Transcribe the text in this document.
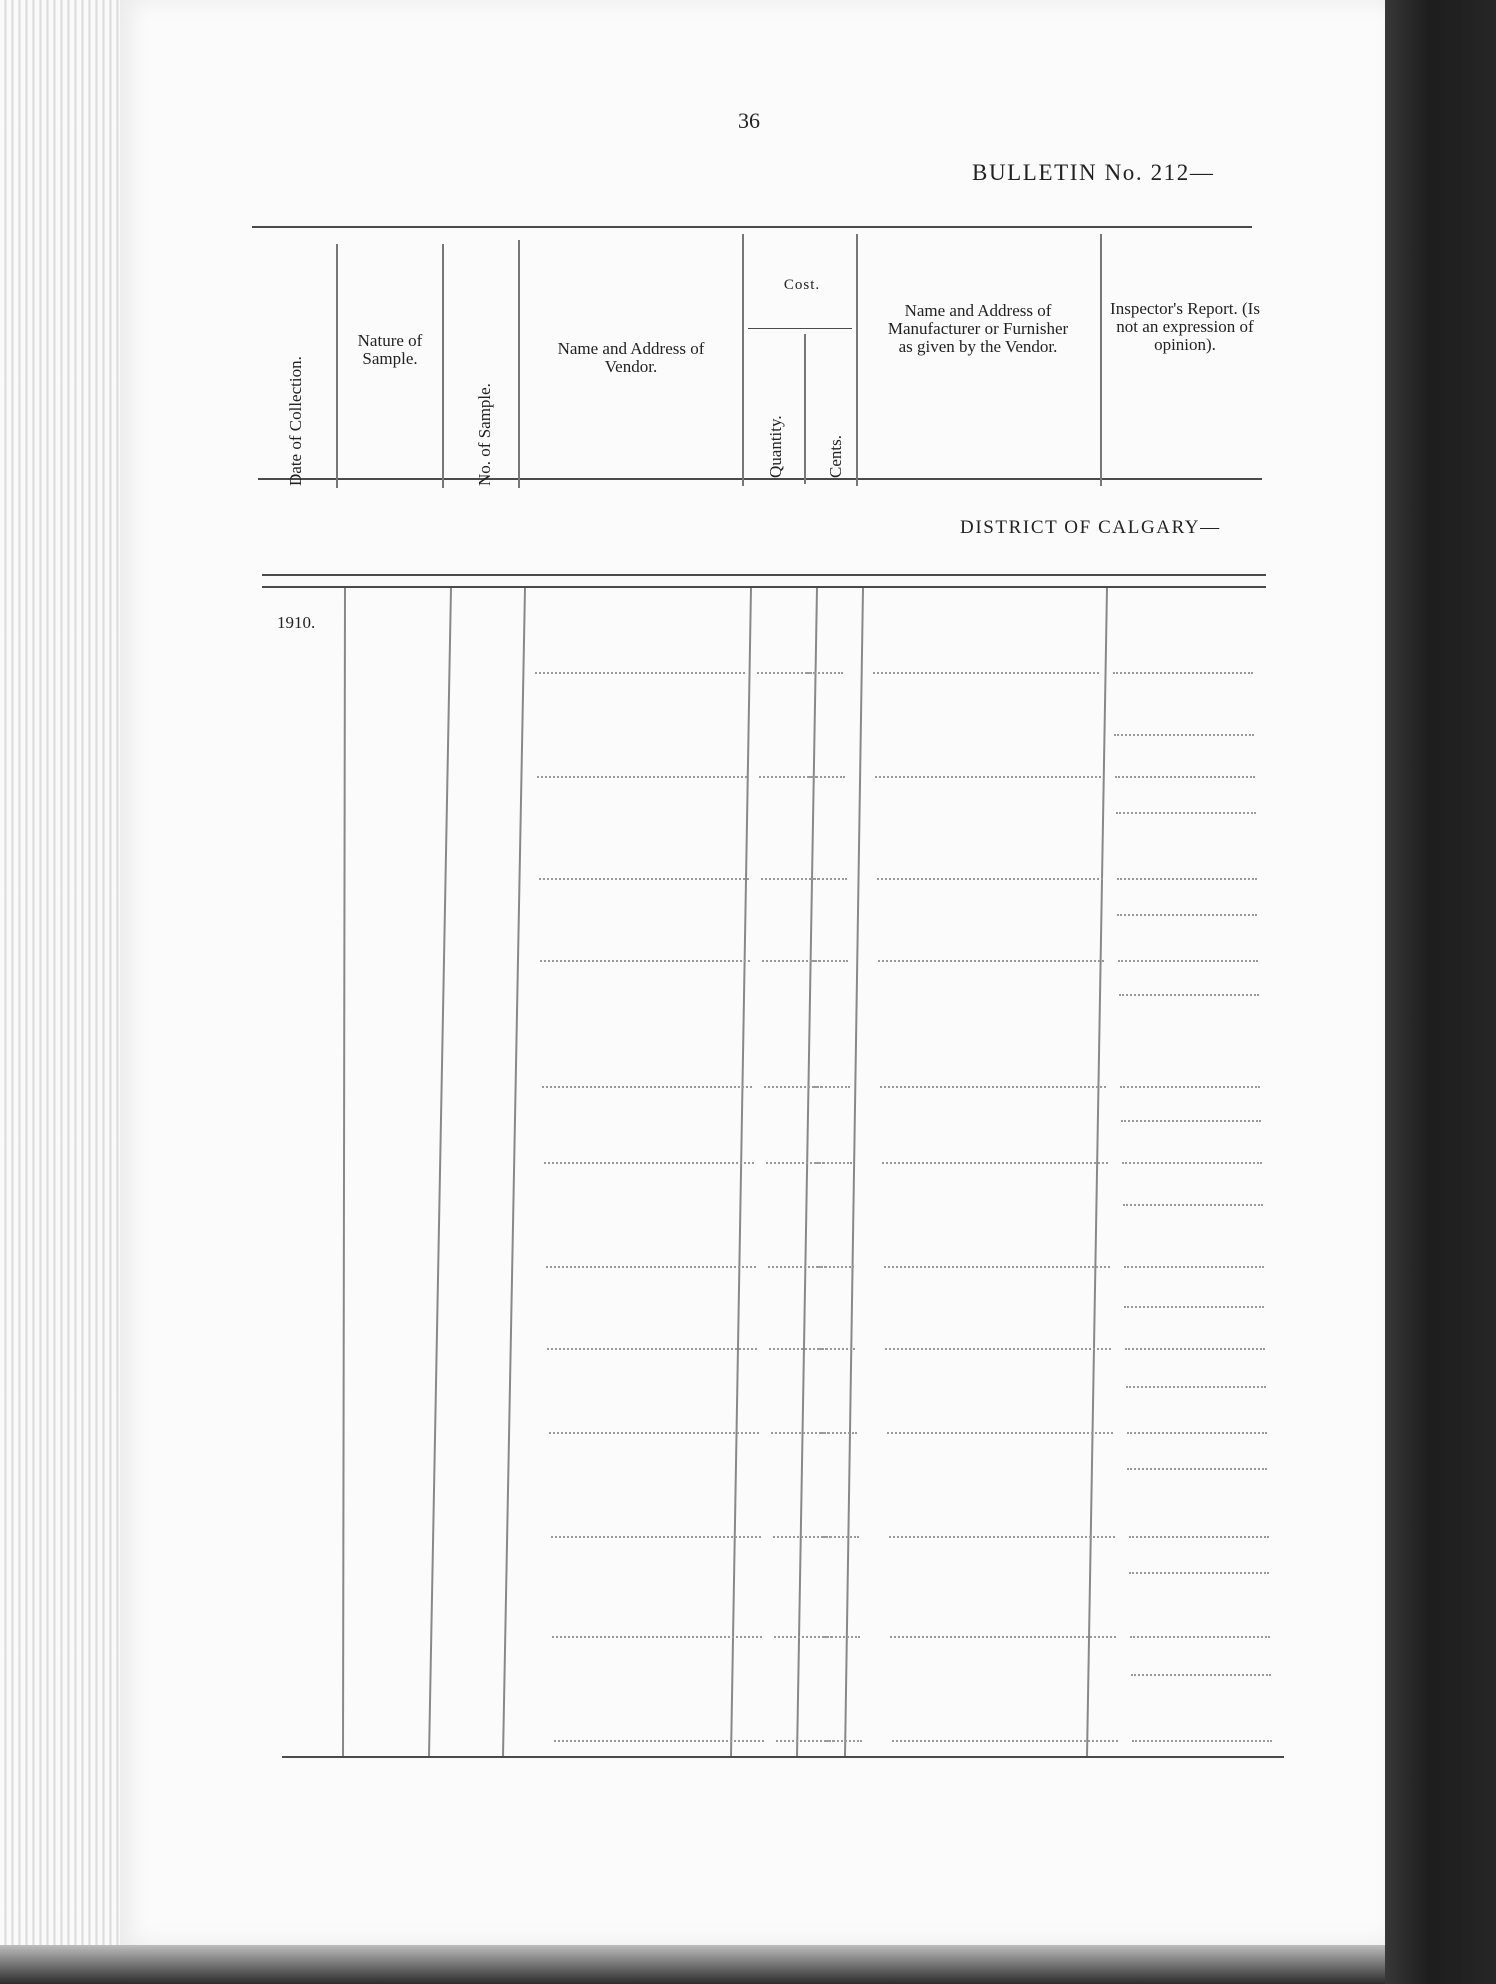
36
BULLETIN No. 212—
Date of Collection.
Nature of Sample.
No. of Sample.
Name and Address of Vendor.
Cost.
Quantity. Cents.
Name and Address of Manufacturer or Furnisher as given by the Vendor.
Inspector's Report. (Is not an expression of opinion).
DISTRICT OF CALGARY—
1910.
